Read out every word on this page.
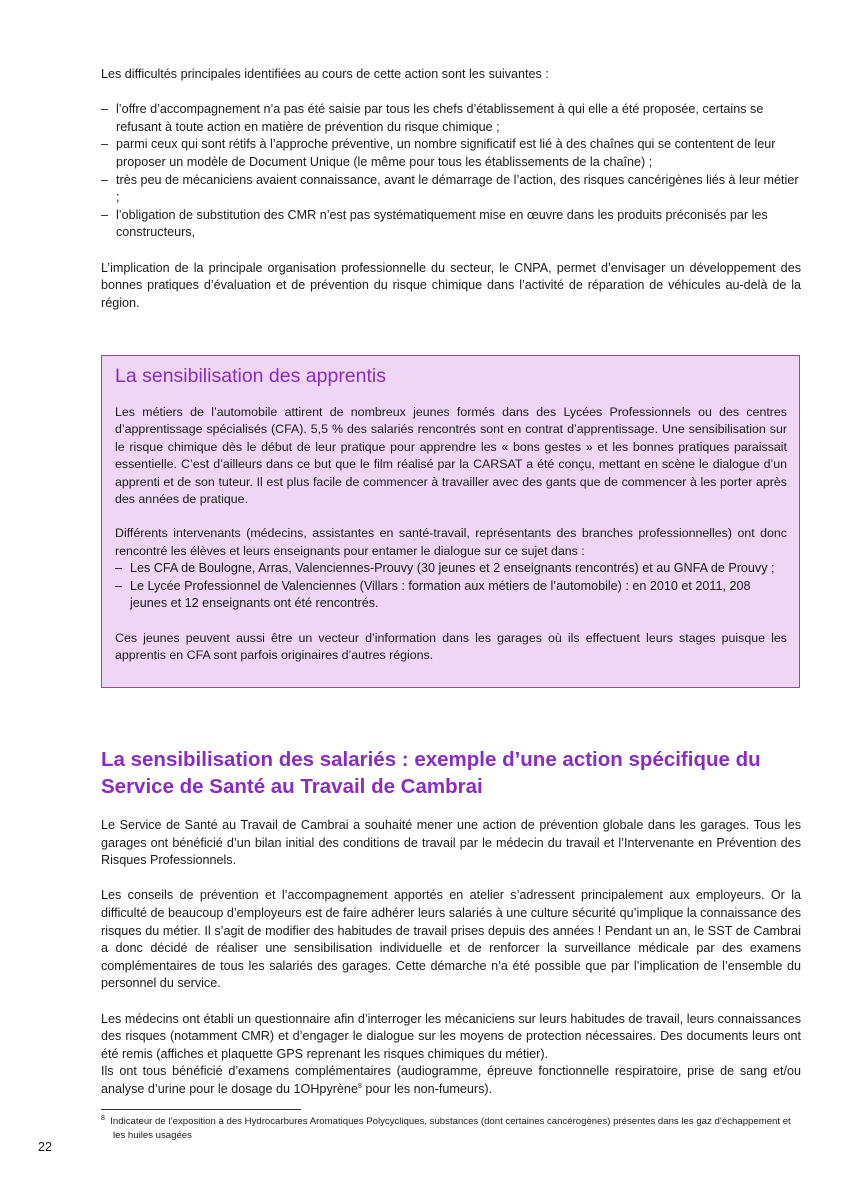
Les difficultés principales identifiées au cours de cette action sont les suivantes :

– l’offre d’accompagnement n’a pas été saisie par tous les chefs d’établissement à qui elle a été proposée, certains se refusant à toute action en matière de prévention du risque chimique ;
– parmi ceux qui sont rétifs à l’approche préventive, un nombre significatif est lié à des chaînes qui se contentent de leur proposer un modèle de Document Unique (le même pour tous les établissements de la chaîne) ;
– très peu de mécaniciens avaient connaissance, avant le démarrage de l’action, des risques cancérigènes liés à leur métier ;
– l’obligation de substitution des CMR n’est pas systématiquement mise en œuvre dans les produits préconisés par les constructeurs,

L’implication de la principale organisation professionnelle du secteur, le CNPA, permet d’envisager un développement des bonnes pratiques d’évaluation et de prévention du risque chimique dans l’activité de réparation de véhicules au-delà de la région.

La sensibilisation des apprentis

Les métiers de l’automobile attirent de nombreux jeunes formés dans des Lycées Professionnels ou des centres d’apprentissage spécialisés (CFA). 5,5 % des salariés rencontrés sont en contrat d’apprentissage. Une sensibilisation sur le risque chimique dès le début de leur pratique pour apprendre les « bons gestes » et les bonnes pratiques paraissait essentielle. C’est d’ailleurs dans ce but que le film réalisé par la CARSAT a été conçu, mettant en scène le dialogue d’un apprenti et de son tuteur. Il est plus facile de commencer à travailler avec des gants que de commencer à les porter après des années de pratique.

Différents intervenants (médecins, assistantes en santé-travail, représentants des branches professionnelles) ont donc rencontré les élèves et leurs enseignants pour entamer le dialogue sur ce sujet dans :

– Les CFA de Boulogne, Arras, Valenciennes-Prouvy (30 jeunes et 2 enseignants rencontrés) et au GNFA de Prouvy ;
– Le Lycée Professionnel de Valenciennes (Villars : formation aux métiers de l’automobile) : en 2010 et 2011, 208 jeunes et 12 enseignants ont été rencontrés.

Ces jeunes peuvent aussi être un vecteur d’information dans les garages où ils effectuent leurs stages puisque les apprentis en CFA sont parfois originaires d’autres régions.

La sensibilisation des salariés : exemple d’une action spécifique du Service de Santé au Travail de Cambrai

Le Service de Santé au Travail de Cambrai a souhaité mener une action de prévention globale dans les garages. Tous les garages ont bénéficié d’un bilan initial des conditions de travail par le médecin du travail et l’Intervenante en Prévention des Risques Professionnels.

Les conseils de prévention et l’accompagnement apportés en atelier s’adressent principalement aux employeurs. Or la difficulté de beaucoup d’employeurs est de faire adhérer leurs salariés à une culture sécurité qu’implique la connaissance des risques du métier. Il s’agit de modifier des habitudes de travail prises depuis des années ! Pendant un an, le SST de Cambrai a donc décidé de réaliser une sensibilisation individuelle et de renforcer la surveillance médicale par des examens complémentaires de tous les salariés des garages. Cette démarche n’a été possible que par l’implication de l’ensemble du personnel du service.

Les médecins ont établi un questionnaire afin d’interroger les mécaniciens sur leurs habitudes de travail, leurs connaissances des risques (notamment CMR) et d’engager le dialogue sur les moyens de protection nécessaires. Des documents leurs ont été remis (affiches et plaquette GPS reprenant les risques chimiques du métier).

Ils ont tous bénéficié d’examens complémentaires (audiogramme, épreuve fonctionnelle respiratoire, prise de sang et/ou analyse d’urine pour le dosage du 1OHpyrène$^8$ pour les non-fumeurs).

$^8$ Indicateur de l’exposition à des Hydrocarbures Aromatiques Polycycliques, substances (dont certaines cancérogènes) présentes dans les gaz d’échappement et les huiles usagées
22
